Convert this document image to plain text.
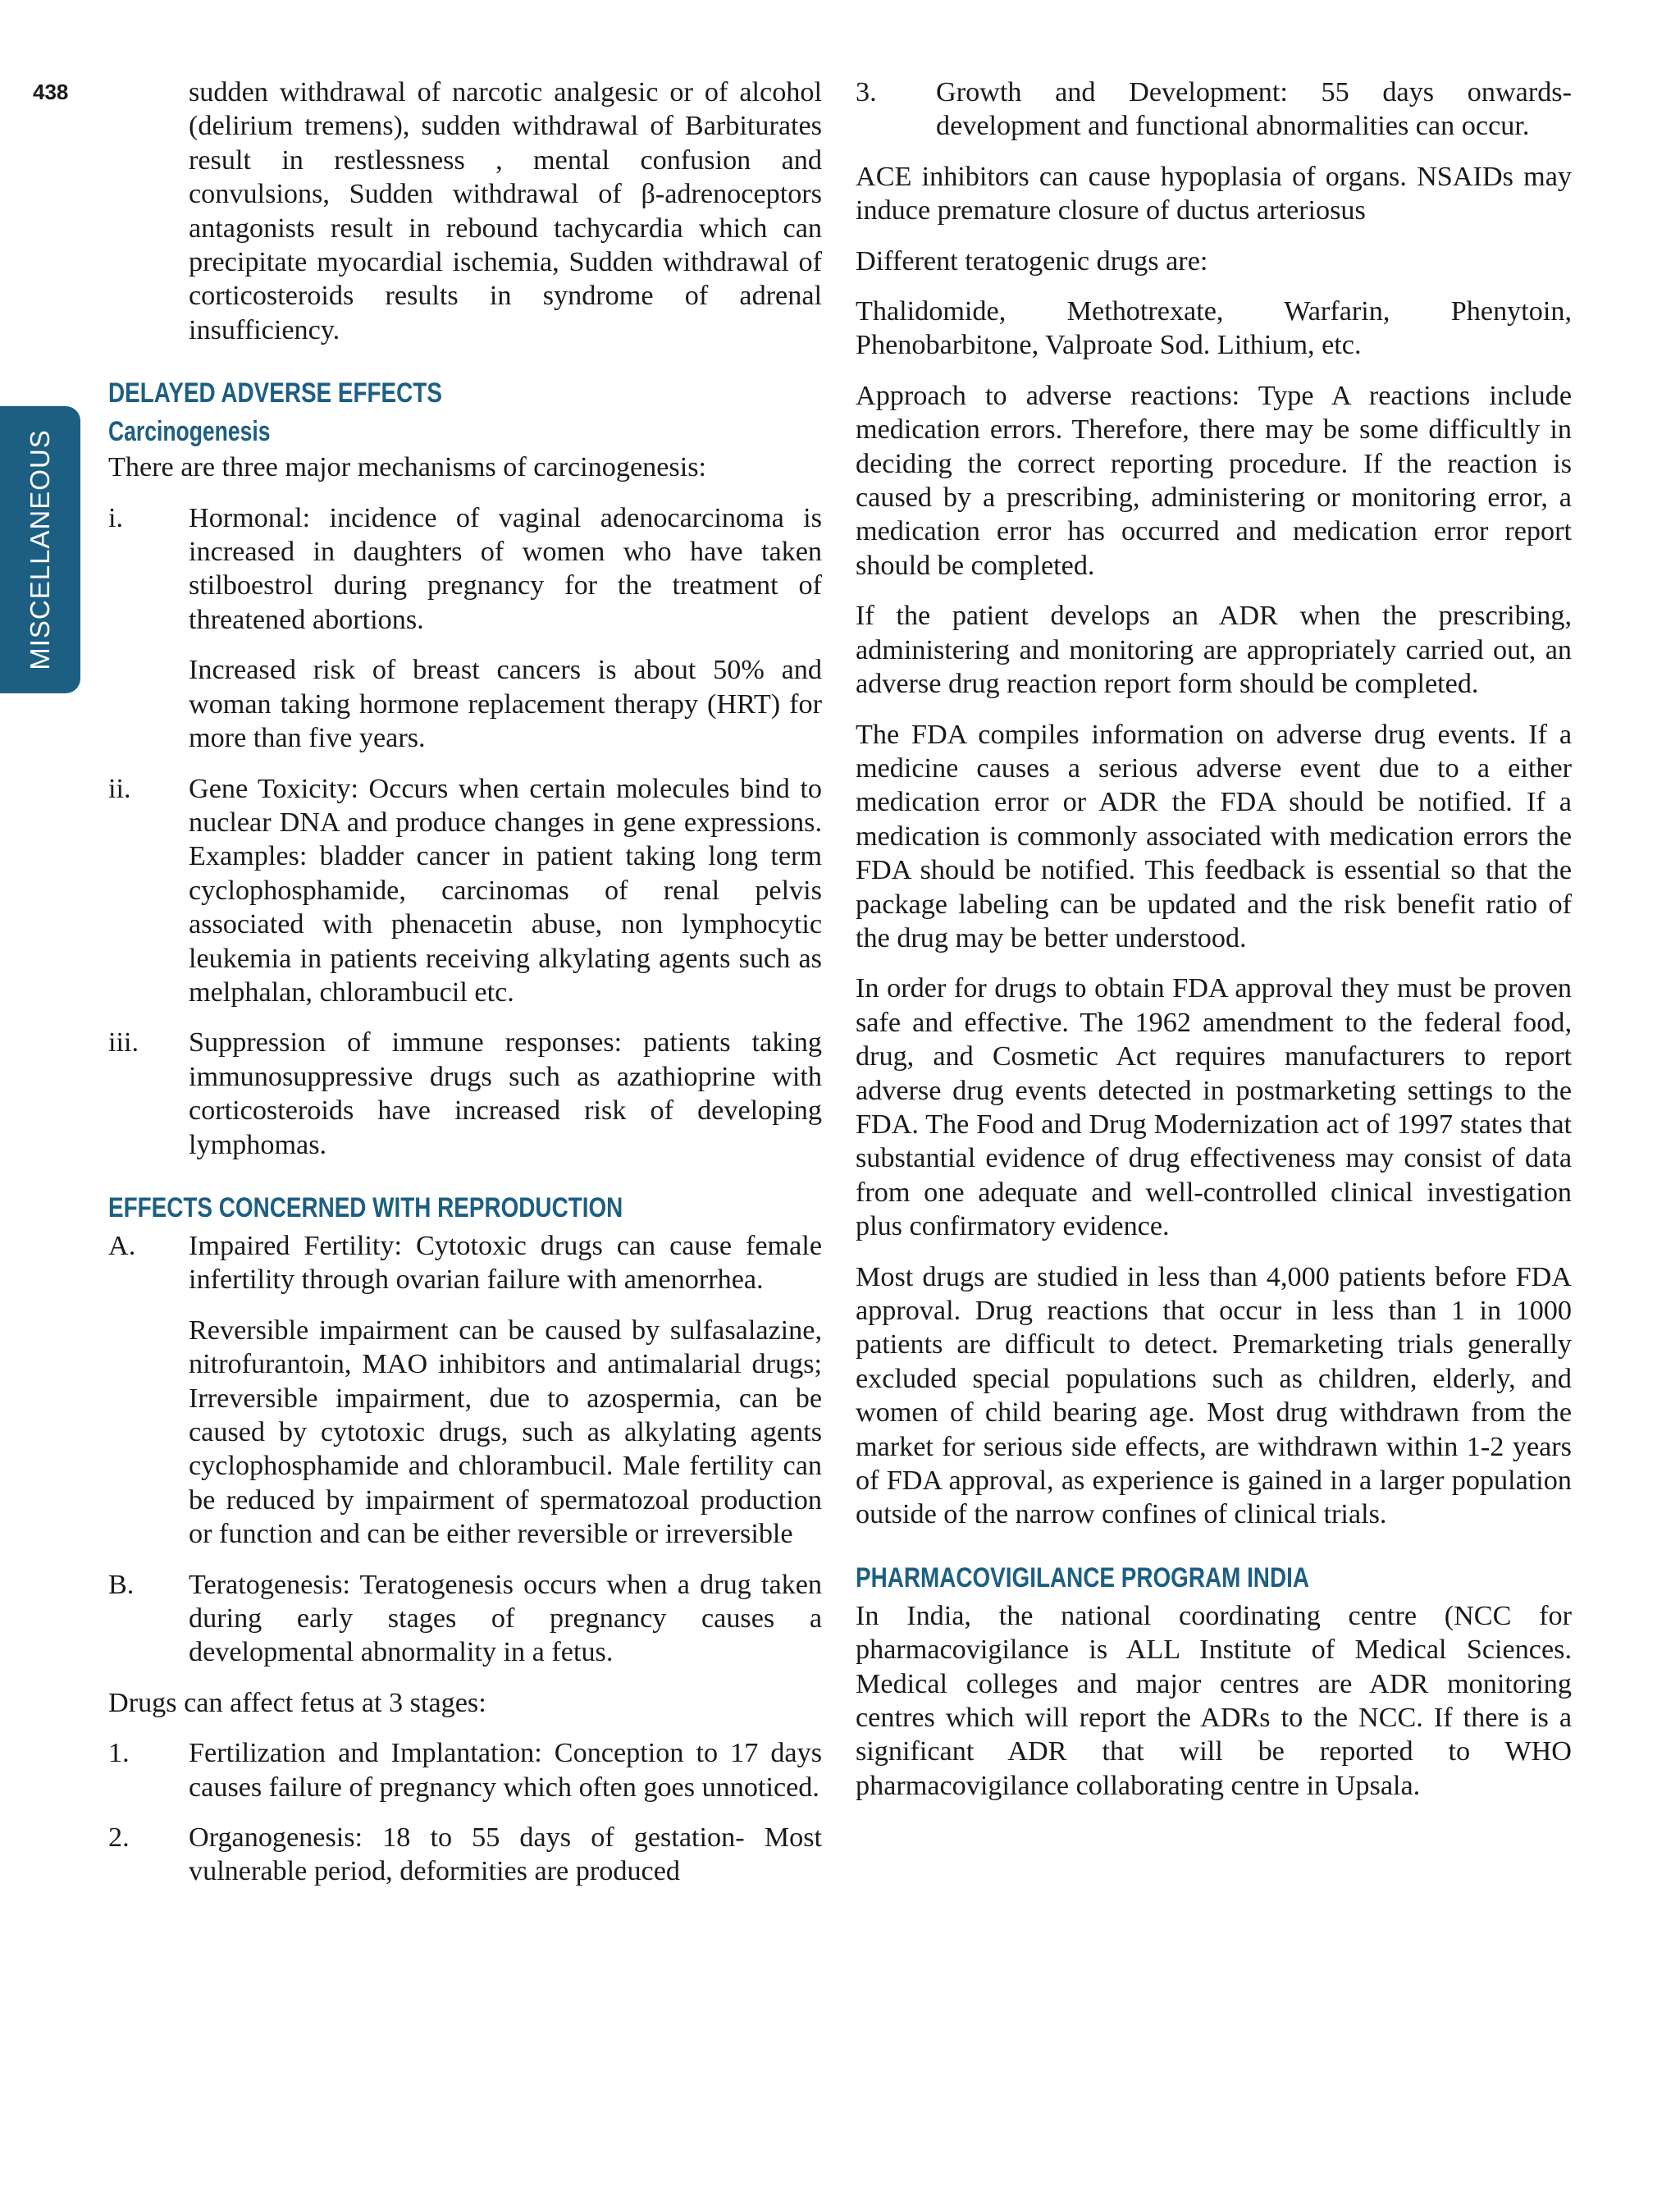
438
MISCELLANEOUS

sudden withdrawal of narcotic analgesic or of alcohol (delirium tremens), sudden withdrawal of Barbiturates result in restlessness , mental confusion and convulsions, Sudden withdrawal of β-adrenoceptors antagonists result in rebound tachycardia which can precipitate myocardial ischemia, Sudden withdrawal of corticosteroids results in syndrome of adrenal insufficiency.

DELAYED ADVERSE EFFECTS
Carcinogenesis

There are three major mechanisms of carcinogenesis:

i. Hormonal: incidence of vaginal adenocarcinoma is increased in daughters of women who have taken stilboestrol during pregnancy for the treatment of threatened abortions.

Increased risk of breast cancers is about 50% and woman taking hormone replacement therapy (HRT) for more than five years.

ii. Gene Toxicity: Occurs when certain molecules bind to nuclear DNA and produce changes in gene expressions. Examples: bladder cancer in patient taking long term cyclophosphamide, carcinomas of renal pelvis associated with phenacetin abuse, non lymphocytic leukemia in patients receiving alkylating agents such as melphalan, chlorambucil etc.
iii. Suppression of immune responses: patients taking immunosuppressive drugs such as azathioprine with corticosteroids have increased risk of developing lymphomas.
EFFECTS CONCERNED WITH REPRODUCTION
A. Impaired Fertility: Cytotoxic drugs can cause female infertility through ovarian failure with amenorrhea.

Reversible impairment can be caused by sulfasalazine, nitrofurantoin, MAO inhibitors and antimalarial drugs; Irreversible impairment, due to azospermia, can be caused by cytotoxic drugs, such as alkylating agents cyclophosphamide and chlorambucil. Male fertility can be reduced by impairment of spermatozoal production or function and can be either reversible or irreversible

B. Teratogenesis: Teratogenesis occurs when a drug taken during early stages of pregnancy causes a developmental abnormality in a fetus.

Drugs can affect fetus at 3 stages:

1. Fertilization and Implantation: Conception to 17 days causes failure of pregnancy which often goes unnoticed.
2. Organogenesis: 18 to 55 days of gestation- Most vulnerable period, deformities are produced
3. Growth and Development: 55 days onwards- development and functional abnormalities can occur.

ACE inhibitors can cause hypoplasia of organs. NSAIDs may induce premature closure of ductus arteriosus

Different teratogenic drugs are:

Thalidomide, Methotrexate, Warfarin, Phenytoin, Phenobarbitone, Valproate Sod. Lithium, etc.

Approach to adverse reactions: Type A reactions include medication errors. Therefore, there may be some difficultly in deciding the correct reporting procedure. If the reaction is caused by a prescribing, administering or monitoring error, a medication error has occurred and medication error report should be completed.

If the patient develops an ADR when the prescribing, administering and monitoring are appropriately carried out, an adverse drug reaction report form should be completed.

The FDA compiles information on adverse drug events. If a medicine causes a serious adverse event due to a either medication error or ADR the FDA should be notified. If a medication is commonly associated with medication errors the FDA should be notified. This feedback is essential so that the package labeling can be updated and the risk benefit ratio of the drug may be better understood.

In order for drugs to obtain FDA approval they must be proven safe and effective. The 1962 amendment to the federal food, drug, and Cosmetic Act requires manufacturers to report adverse drug events detected in postmarketing settings to the FDA. The Food and Drug Modernization act of 1997 states that substantial evidence of drug effectiveness may consist of data from one adequate and well-controlled clinical investigation plus confirmatory evidence.

Most drugs are studied in less than 4,000 patients before FDA approval. Drug reactions that occur in less than 1 in 1000 patients are difficult to detect. Premarketing trials generally excluded special populations such as children, elderly, and women of child bearing age. Most drug withdrawn from the market for serious side effects, are withdrawn within 1-2 years of FDA approval, as experience is gained in a larger population outside of the narrow confines of clinical trials.

PHARMACOVIGILANCE PROGRAM INDIA

In India, the national coordinating centre (NCC for pharmacovigilance is ALL Institute of Medical Sciences. Medical colleges and major centres are ADR monitoring centres which will report the ADRs to the NCC. If there is a significant ADR that will be reported to WHO pharmacovigilance collaborating centre in Upsala.
